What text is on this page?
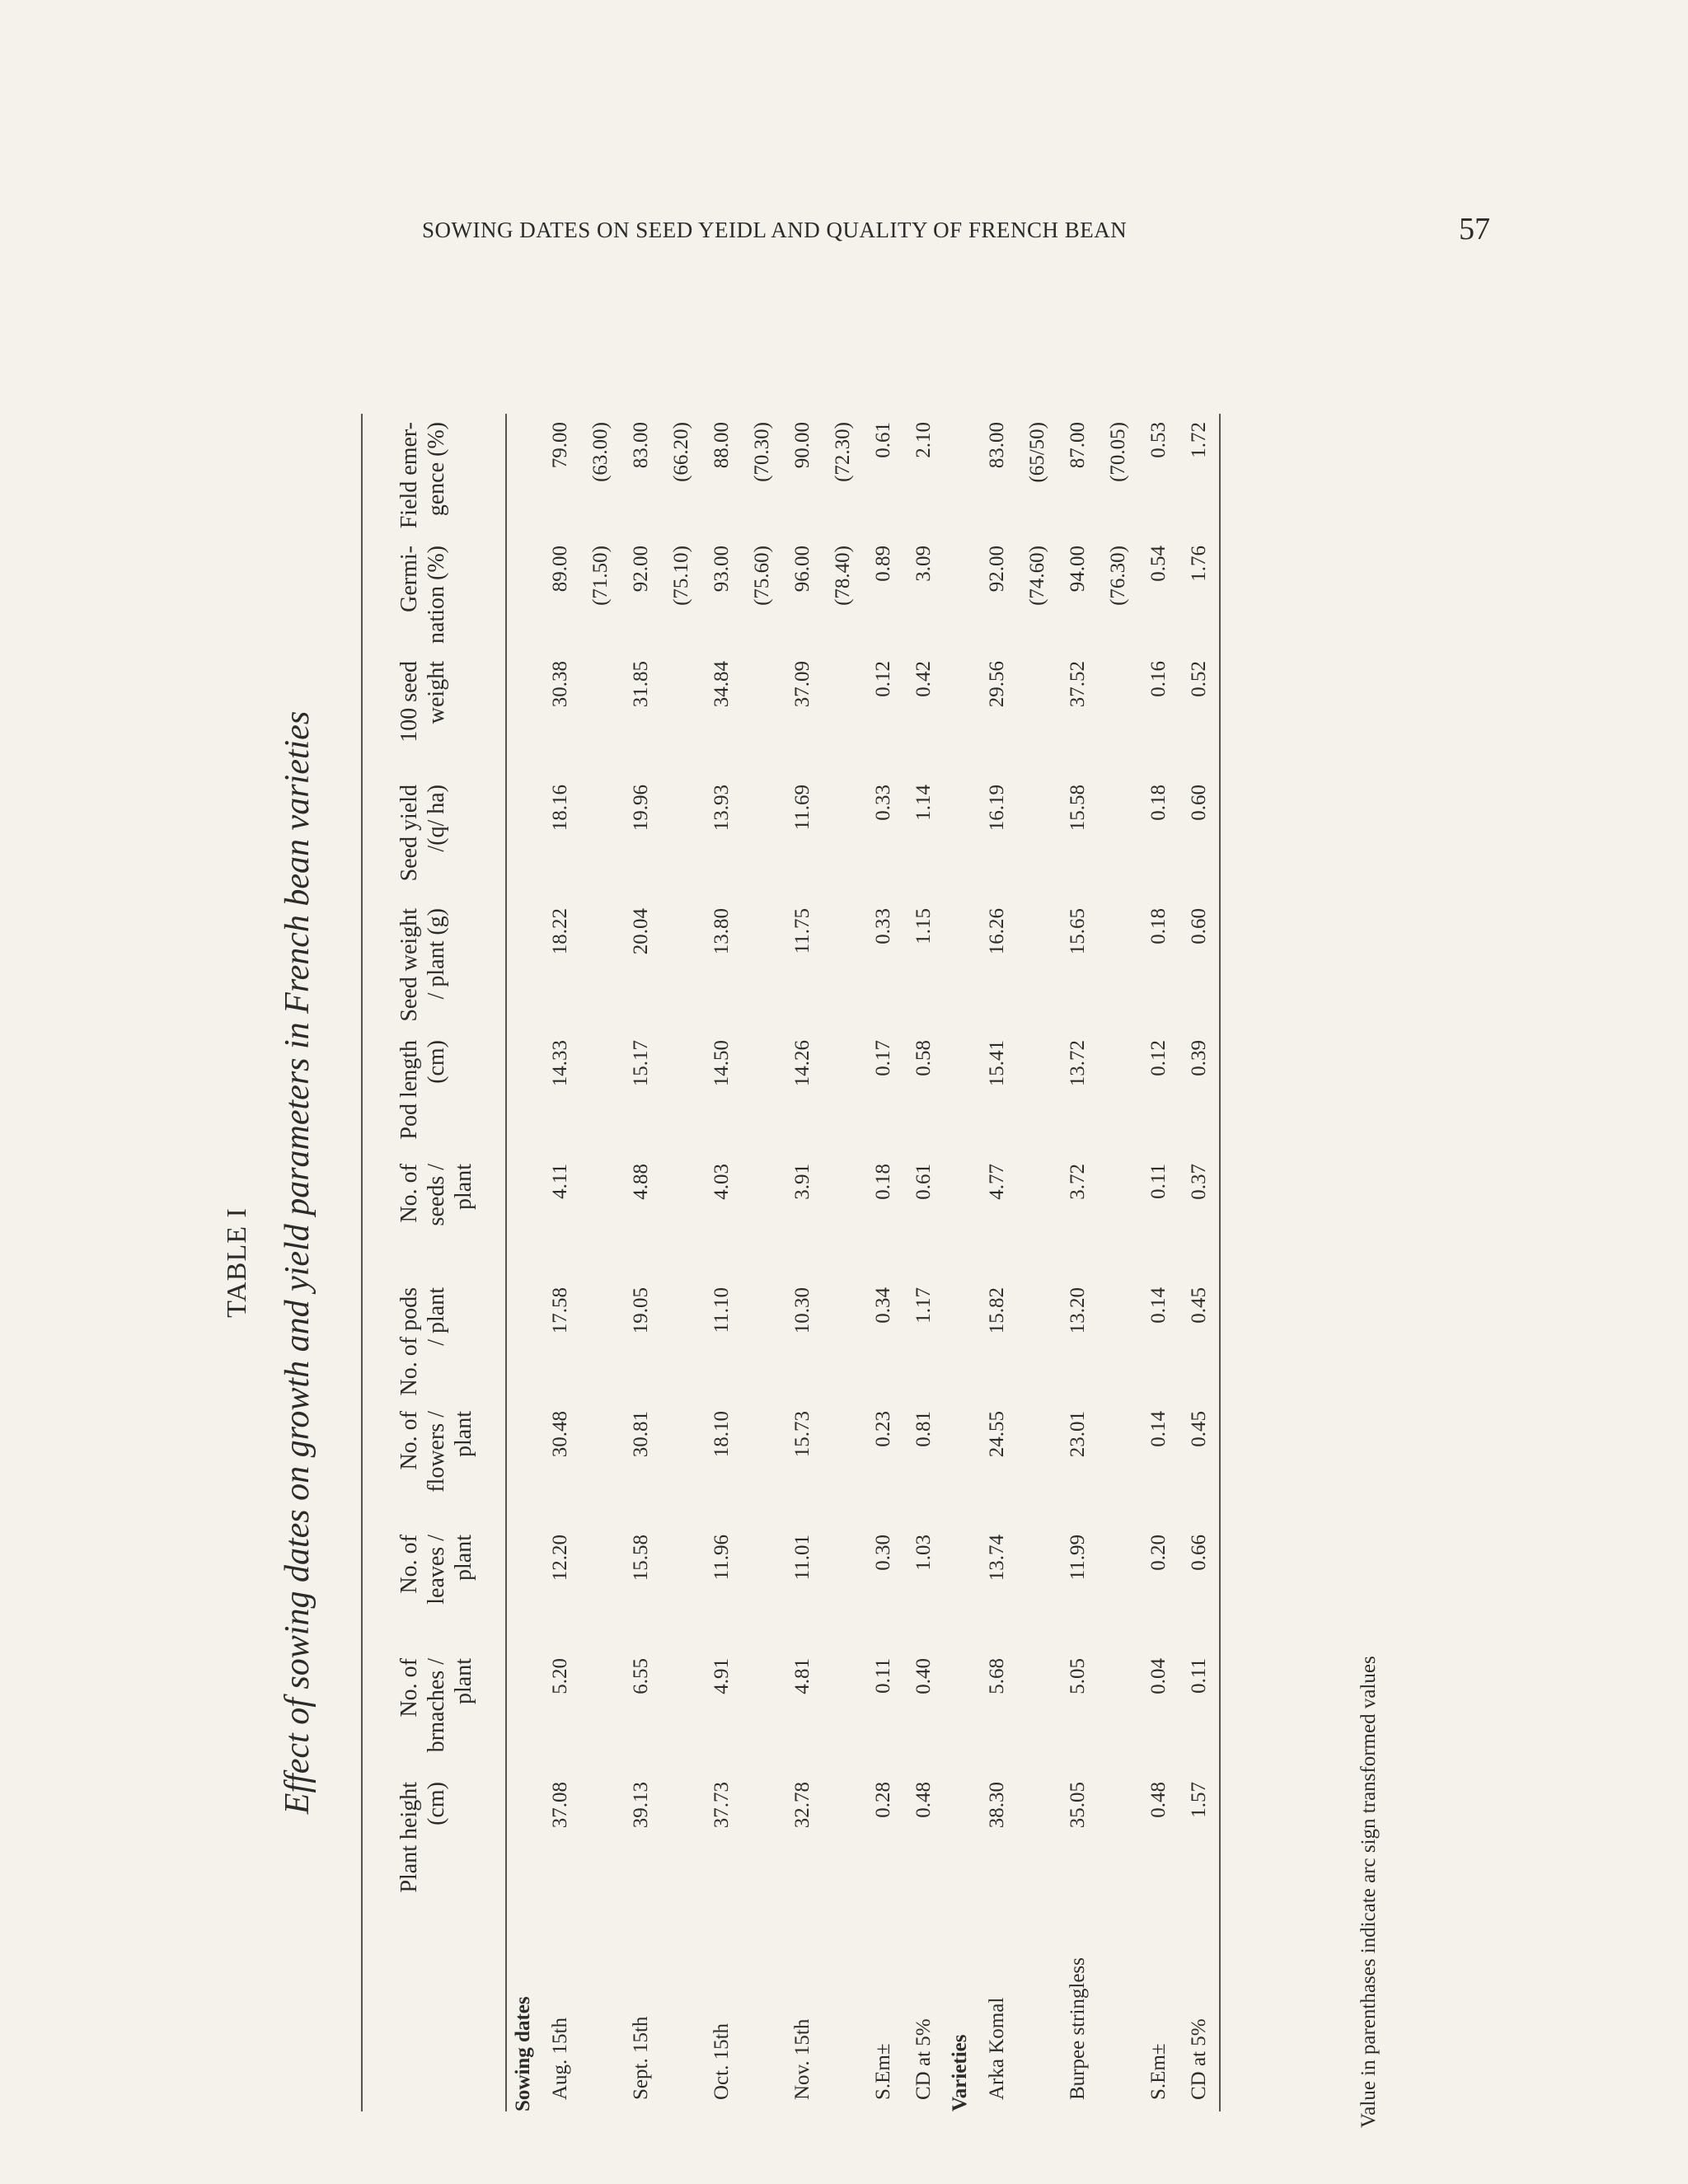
SOWING DATES ON SEED YEIDL AND QUALITY OF FRENCH BEAN	57
TABLE I Effect of sowing dates on growth and yield parameters in French bean varieties
	Plant height (cm)	No. of brnaches / plant	No. of leaves / plant	No. of flowers / plant	No. of pods / plant	No. of seeds / plant	Pod length (cm)	Seed weight / plant (g)	Seed yield /(q/ ha)	100 seed weight	Germi- nation (%)	Field emer- gence (%)
Sowing dates												
Aug. 15th	37.08	5.20	12.20	30.48	17.58	4.11	14.33	18.22	18.16	30.38	89.00	79.00
											(71.50)	(63.00)
Sept. 15th	39.13	6.55	15.58	30.81	19.05	4.88	15.17	20.04	19.96	31.85	92.00	83.00
											(75.10)	(66.20)
Oct. 15th	37.73	4.91	11.96	18.10	11.10	4.03	14.50	13.80	13.93	34.84	93.00	88.00
											(75.60)	(70.30)
Nov. 15th	32.78	4.81	11.01	15.73	10.30	3.91	14.26	11.75	11.69	37.09	96.00	90.00
											(78.40)	(72.30)
S.Em±	0.28	0.11	0.30	0.23	0.34	0.18	0.17	0.33	0.33	0.12	0.89	0.61
CD at 5%	0.48	0.40	1.03	0.81	1.17	0.61	0.58	1.15	1.14	0.42	3.09	2.10
Varieties												
Arka Komal	38.30	5.68	13.74	24.55	15.82	4.77	15.41	16.26	16.19	29.56	92.00	83.00
											(74.60)	(65/50)
Burpee stringless	35.05	5.05	11.99	23.01	13.20	3.72	13.72	15.65	15.58	37.52	94.00	87.00
											(76.30)	(70.05)
S.Em±	0.48	0.04	0.20	0.14	0.14	0.11	0.12	0.18	0.18	0.16	0.54	0.53
CD at 5%	1.57	0.11	0.66	0.45	0.45	0.37	0.39	0.60	0.60	0.52	1.76	1.72
Value in parenthases indicate arc sign transformed values
